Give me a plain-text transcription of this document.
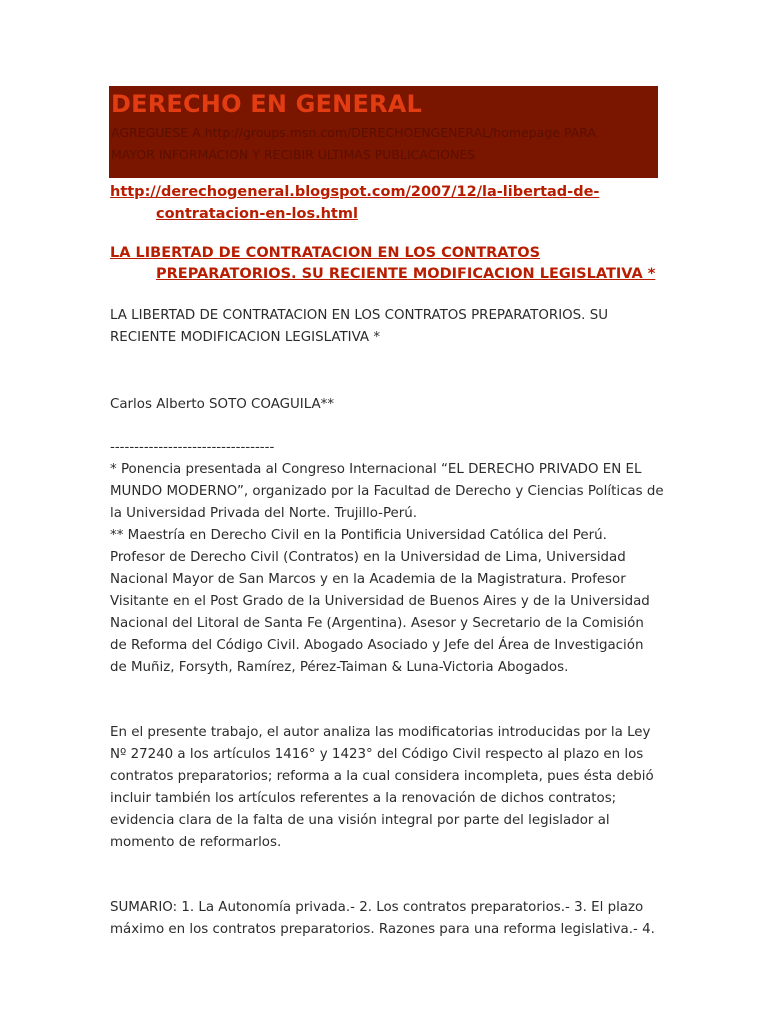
DERECHO EN GENERAL
AGREGUESE A http://groups.msn.com/DERECHOENGENERAL/homepage PARA
MAYOR INFORMACION Y RECIBIR ULTIMAS PUBLICACIONES
http://derechogeneral.blogspot.com/2007/12/la-libertad-de-
contratacion-en-los.html
LA LIBERTAD DE CONTRATACION EN LOS CONTRATOS
PREPARATORIOS. SU RECIENTE MODIFICACION LEGISLATIVA *
LA LIBERTAD DE CONTRATACION EN LOS CONTRATOS PREPARATORIOS. SU
RECIENTE MODIFICACION LEGISLATIVA *
Carlos Alberto SOTO COAGUILA**
----------------------------------
* Ponencia presentada al Congreso Internacional “EL DERECHO PRIVADO EN EL
MUNDO MODERNO”, organizado por la Facultad de Derecho y Ciencias Políticas de
la Universidad Privada del Norte. Trujillo-Perú.
** Maestría en Derecho Civil en la Pontificia Universidad Católica del Perú.
Profesor de Derecho Civil (Contratos) en la Universidad de Lima, Universidad
Nacional Mayor de San Marcos y en la Academia de la Magistratura. Profesor
Visitante en el Post Grado de la Universidad de Buenos Aires y de la Universidad
Nacional del Litoral de Santa Fe (Argentina). Asesor y Secretario de la Comisión
de Reforma del Código Civil. Abogado Asociado y Jefe del Área de Investigación
de Muñiz, Forsyth, Ramírez, Pérez-Taiman & Luna-Victoria Abogados.
En el presente trabajo, el autor analiza las modificatorias introducidas por la Ley
Nº 27240 a los artículos 1416° y 1423° del Código Civil respecto al plazo en los
contratos preparatorios; reforma a la cual considera incompleta, pues ésta debió
incluir también los artículos referentes a la renovación de dichos contratos;
evidencia clara de la falta de una visión integral por parte del legislador al
momento de reformarlos.
SUMARIO: 1. La Autonomía privada.- 2. Los contratos preparatorios.- 3. El plazo
máximo en los contratos preparatorios. Razones para una reforma legislativa.- 4.
